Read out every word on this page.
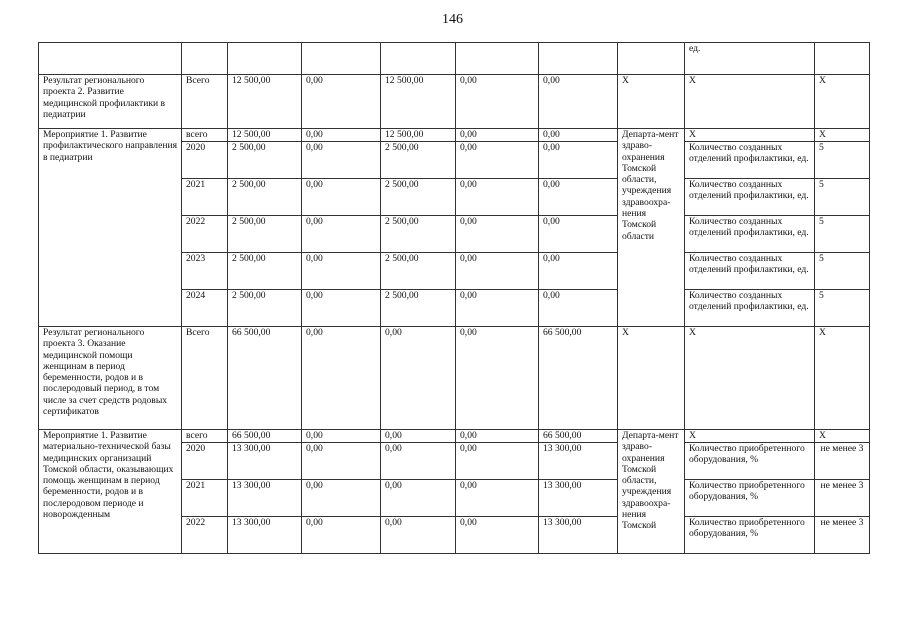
146
								ед.	
Результат регионального проекта 2. Развитие медицинской профилактики в педиатрии	Всего	12 500,00	0,00	12 500,00	0,00	0,00	Х	Х	Х
Мероприятие 1. Развитие профилактического направления в педиатрии	всего	12 500,00	0,00	12 500,00	0,00	0,00	Департа-мент здраво-охранения Томской области, учреждения здравоохра-нения Томской области	Х	Х
	2020	2 500,00	0,00	2 500,00	0,00	0,00		Количество созданных отделений профилактики, ед.	5
	2021	2 500,00	0,00	2 500,00	0,00	0,00		Количество созданных отделений профилактики, ед.	5
	2022	2 500,00	0,00	2 500,00	0,00	0,00		Количество созданных отделений профилактики, ед.	5
	2023	2 500,00	0,00	2 500,00	0,00	0,00		Количество созданных отделений профилактики, ед.	5
	2024	2 500,00	0,00	2 500,00	0,00	0,00		Количество созданных отделений профилактики, ед.	5
Результат регионального проекта 3. Оказание медицинской помощи женщинам в период беременности, родов и в послеродовый период, в том числе за счет средств родовых сертификатов	Всего	66 500,00	0,00	0,00	0,00	66 500,00	Х	Х	Х
Мероприятие 1. Развитие материально-технической базы медицинских организаций Томской области, оказывающих помощь женщинам в период беременности, родов и в послеродовом периоде и новорожденным	всего	66 500,00	0,00	0,00	0,00	66 500,00	Департа-мент здраво-охранения Томской области, учреждения здравоохра-нения Томской	Х	Х
	2020	13 300,00	0,00	0,00	0,00	13 300,00		Количество приобретенного оборудования, %	не менее 3
	2021	13 300,00	0,00	0,00	0,00	13 300,00		Количество приобретенного оборудования, %	не менее 3
	2022	13 300,00	0,00	0,00	0,00	13 300,00		Количество приобретенного оборудования, %	не менее 3
